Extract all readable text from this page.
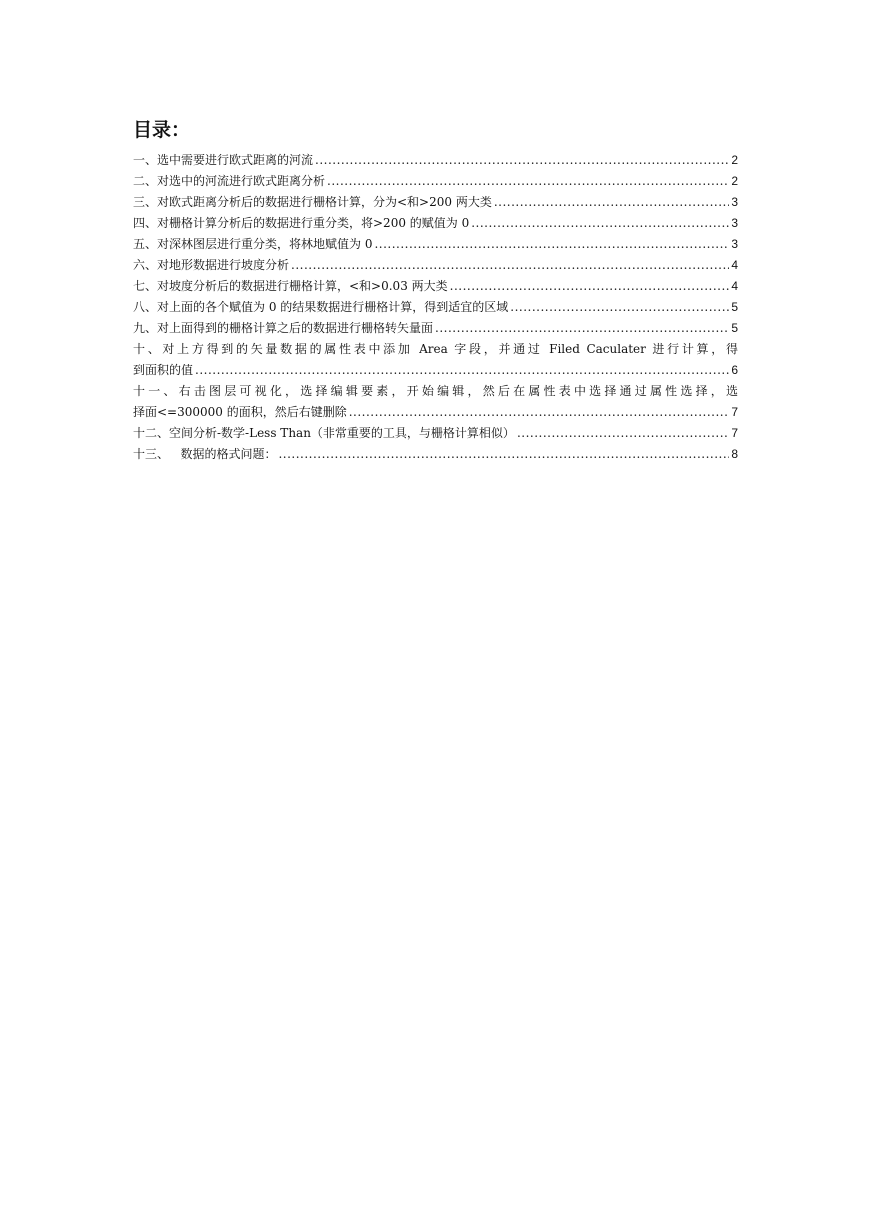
目录：
一、选中需要进行欧式距离的河流 .....	2
二、对选中的河流进行欧式距离分析 .....	2
三、对欧式距离分析后的数据进行栅格计算，分为<和>200 两大类 .....	3
四、对栅格计算分析后的数据进行重分类，将>200 的赋值为 0 .....	3
五、对深林图层进行重分类，将林地赋值为 0 .....	3
六、对地形数据进行坡度分析 .....	4
七、对坡度分析后的数据进行栅格计算，<和>0.03 两大类 .....	4
八、对上面的各个赋值为 0 的结果数据进行栅格计算，得到适宜的区域 .....	5
九、对上面得到的栅格计算之后的数据进行栅格转矢量面 .....	5
十、对上方得到的矢量数据的属性表中添加 Area 字段，并通过 Filed Caculater 进行计算，得
到面积的值 .....	6
十一、右击图层可视化，选择编辑要素，开始编辑，然后在属性表中选择通过属性选择，选
择面<=300000 的面积，然后右键删除 .....	7
十二、空间分析-数学-Less Than（非常重要的工具，与栅格计算相似） .....	7
十三、   数据的格式问题： .....	8
